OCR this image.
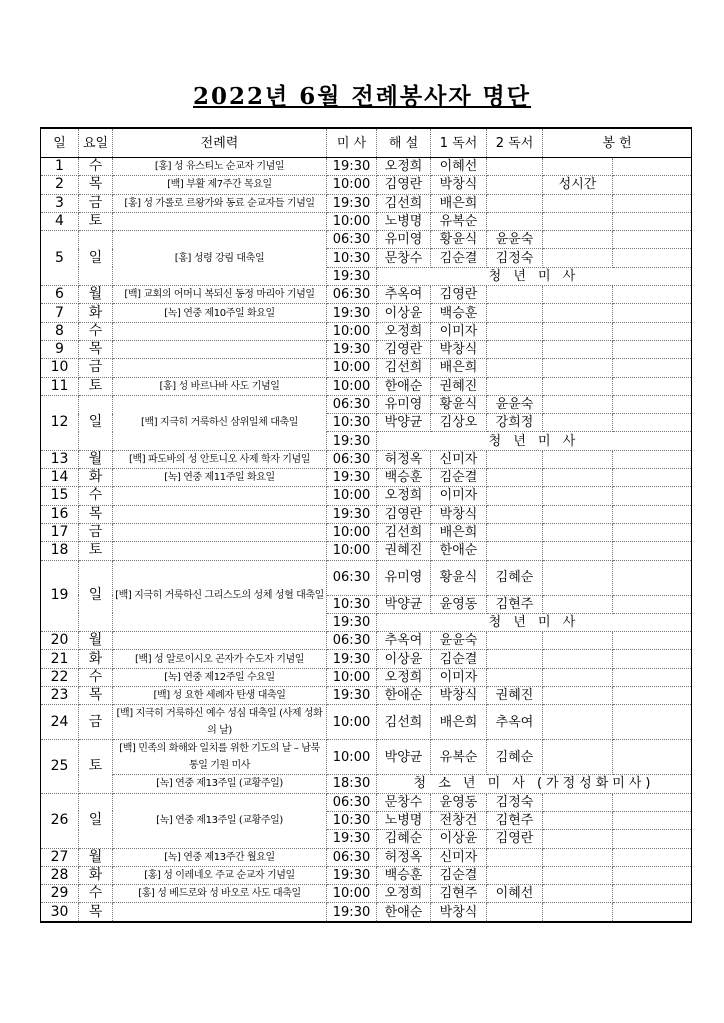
2022년 6월 전례봉사자 명단
일	요일	전례력	미 사	해 설	1 독서	2 독서	봉 헌	
1	수	[홍] 성 유스티노 순교자 기념일	19:30	오정희	이혜선			
2	목	[백] 부활 제7주간 목요일	10:00	김영란	박창식		성시간	
3	금	[홍] 성 가롤로 르왕가와 동료 순교자들 기념일	19:30	김선희	배은희			
4	토		10:00	노병명	유복순			
5	일	[홍] 성령 강림 대축일	06:30	유미영	황윤식	윤윤숙		
			10:30	문창수	김순결	김정숙		
			19:30	청 년 미 사				
6	월	[백] 교회의 어머니 복되신 동정 마리아 기념일	06:30	추옥여	김영란			
7	화	[녹] 연중 제10주일 화요일	19:30	이상윤	백승훈			
8	수		10:00	오정희	이미자			
9	목		19:30	김영란	박창식			
10	금		10:00	김선희	배은희			
11	토	[홍] 성 바르나바 사도 기념일	10:00	한애순	권혜진			
12	일	[백] 지극히 거룩하신 삼위일체 대축일	06:30	유미영	황윤식	윤윤숙		
			10:30	박양균	김상오	강희정		
			19:30	청 년 미 사				
13	월	[백] 파도바의 성 안토니오 사제 학자 기념일	06:30	허정옥	신미자			
14	화	[녹] 연중 제11주일 화요일	19:30	백승훈	김순결			
15	수		10:00	오정희	이미자			
16	목		19:30	김영란	박창식			
17	금		10:00	김선희	배은희			
18	토		10:00	권혜진	한애순			
19	일	[백] 지극히 거룩하신 그리스도의 성체 성혈 대축일	06:30	유미영	황윤식	김혜순		
			10:30	박양균	윤영동	김현주		
			19:30	청 년 미 사				
20	월		06:30	추옥여	윤윤숙			
21	화	[백] 성 알로이시오 곤자가 수도자 기념일	19:30	이상윤	김순결			
22	수	[녹] 연중 제12주일 수요일	10:00	오정희	이미자			
23	목	[백] 성 요한 세례자 탄생 대축일	19:30	한애순	박창식	권혜진		
24	금	[백] 지극히 거룩하신 예수 성심 대축일 (사제 성화의 날)	10:00	김선희	배은희	추옥여		
25	토	[백] 민족의 화해와 일치를 위한 기도의 날 – 남북통일 기원 미사	10:00	박양균	유복순	김혜순		
		[녹] 연중 제13주일 (교황주일)	18:30	청 소 년 미 사 (가정성화미사)				
26	일	[녹] 연중 제13주일 (교황주일)	06:30	문창수	윤영동	김정숙		
			10:30	노병명	전창건	김현주		
			19:30	김혜순	이상윤	김영란		
27	월	[녹] 연중 제13주간 월요일	06:30	허정옥	신미자			
28	화	[홍] 성 이레네오 주교 순교자 기념일	19:30	백승훈	김순결			
29	수	[홍] 성 베드로와 성 바오로 사도 대축일	10:00	오정희	김현주	이혜선		
30	목		19:30	한애순	박창식			
